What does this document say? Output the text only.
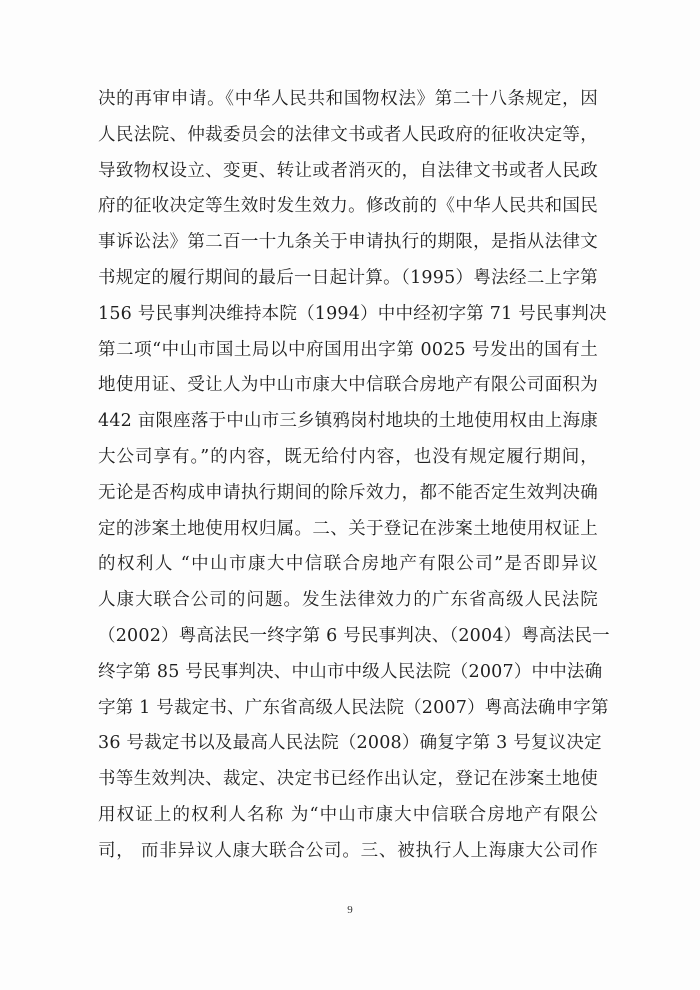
决的再审申请。《中华人民共和国物权法》第二十八条规定，因
人民法院、仲裁委员会的法律文书或者人民政府的征收决定等，
导致物权设立、变更、转让或者消灭的，自法律文书或者人民政
府的征收决定等生效时发生效力。修改前的《中华人民共和国民
事诉讼法》第二百一十九条关于申请执行的期限，是指从法律文
书规定的履行期间的最后一日起计算。（1995）粤法经二上字第
156 号民事判决维持本院（1994）中中经初字第 71 号民事判决
第二项“中山市国土局以中府国用出字第 0025 号发出的国有土
地使用证、受让人为中山市康大中信联合房地产有限公司面积为
442 亩限座落于中山市三乡镇鸦岗村地块的土地使用权由上海康
大公司享有。”的内容，既无给付内容，也没有规定履行期间，
无论是否构成申请执行期间的除斥效力，都不能否定生效判决确
定的涉案土地使用权归属。二、关于登记在涉案土地使用权证上
的权利人 “中山市康大中信联合房地产有限公司”是否即异议
人康大联合公司的问题。发生法律效力的广东省高级人民法院
（2002）粤高法民一终字第 6 号民事判决、（2004）粤高法民一
终字第 85 号民事判决、中山市中级人民法院（2007）中中法确
字第 1 号裁定书、广东省高级人民法院（2007）粤高法确申字第
36 号裁定书以及最高人民法院（2008）确复字第 3 号复议决定
书等生效判决、裁定、决定书已经作出认定，登记在涉案土地使
用权证上的权利人名称 为“中山市康大中信联合房地产有限公
司， 而非异议人康大联合公司。三、被执行人上海康大公司作
9
